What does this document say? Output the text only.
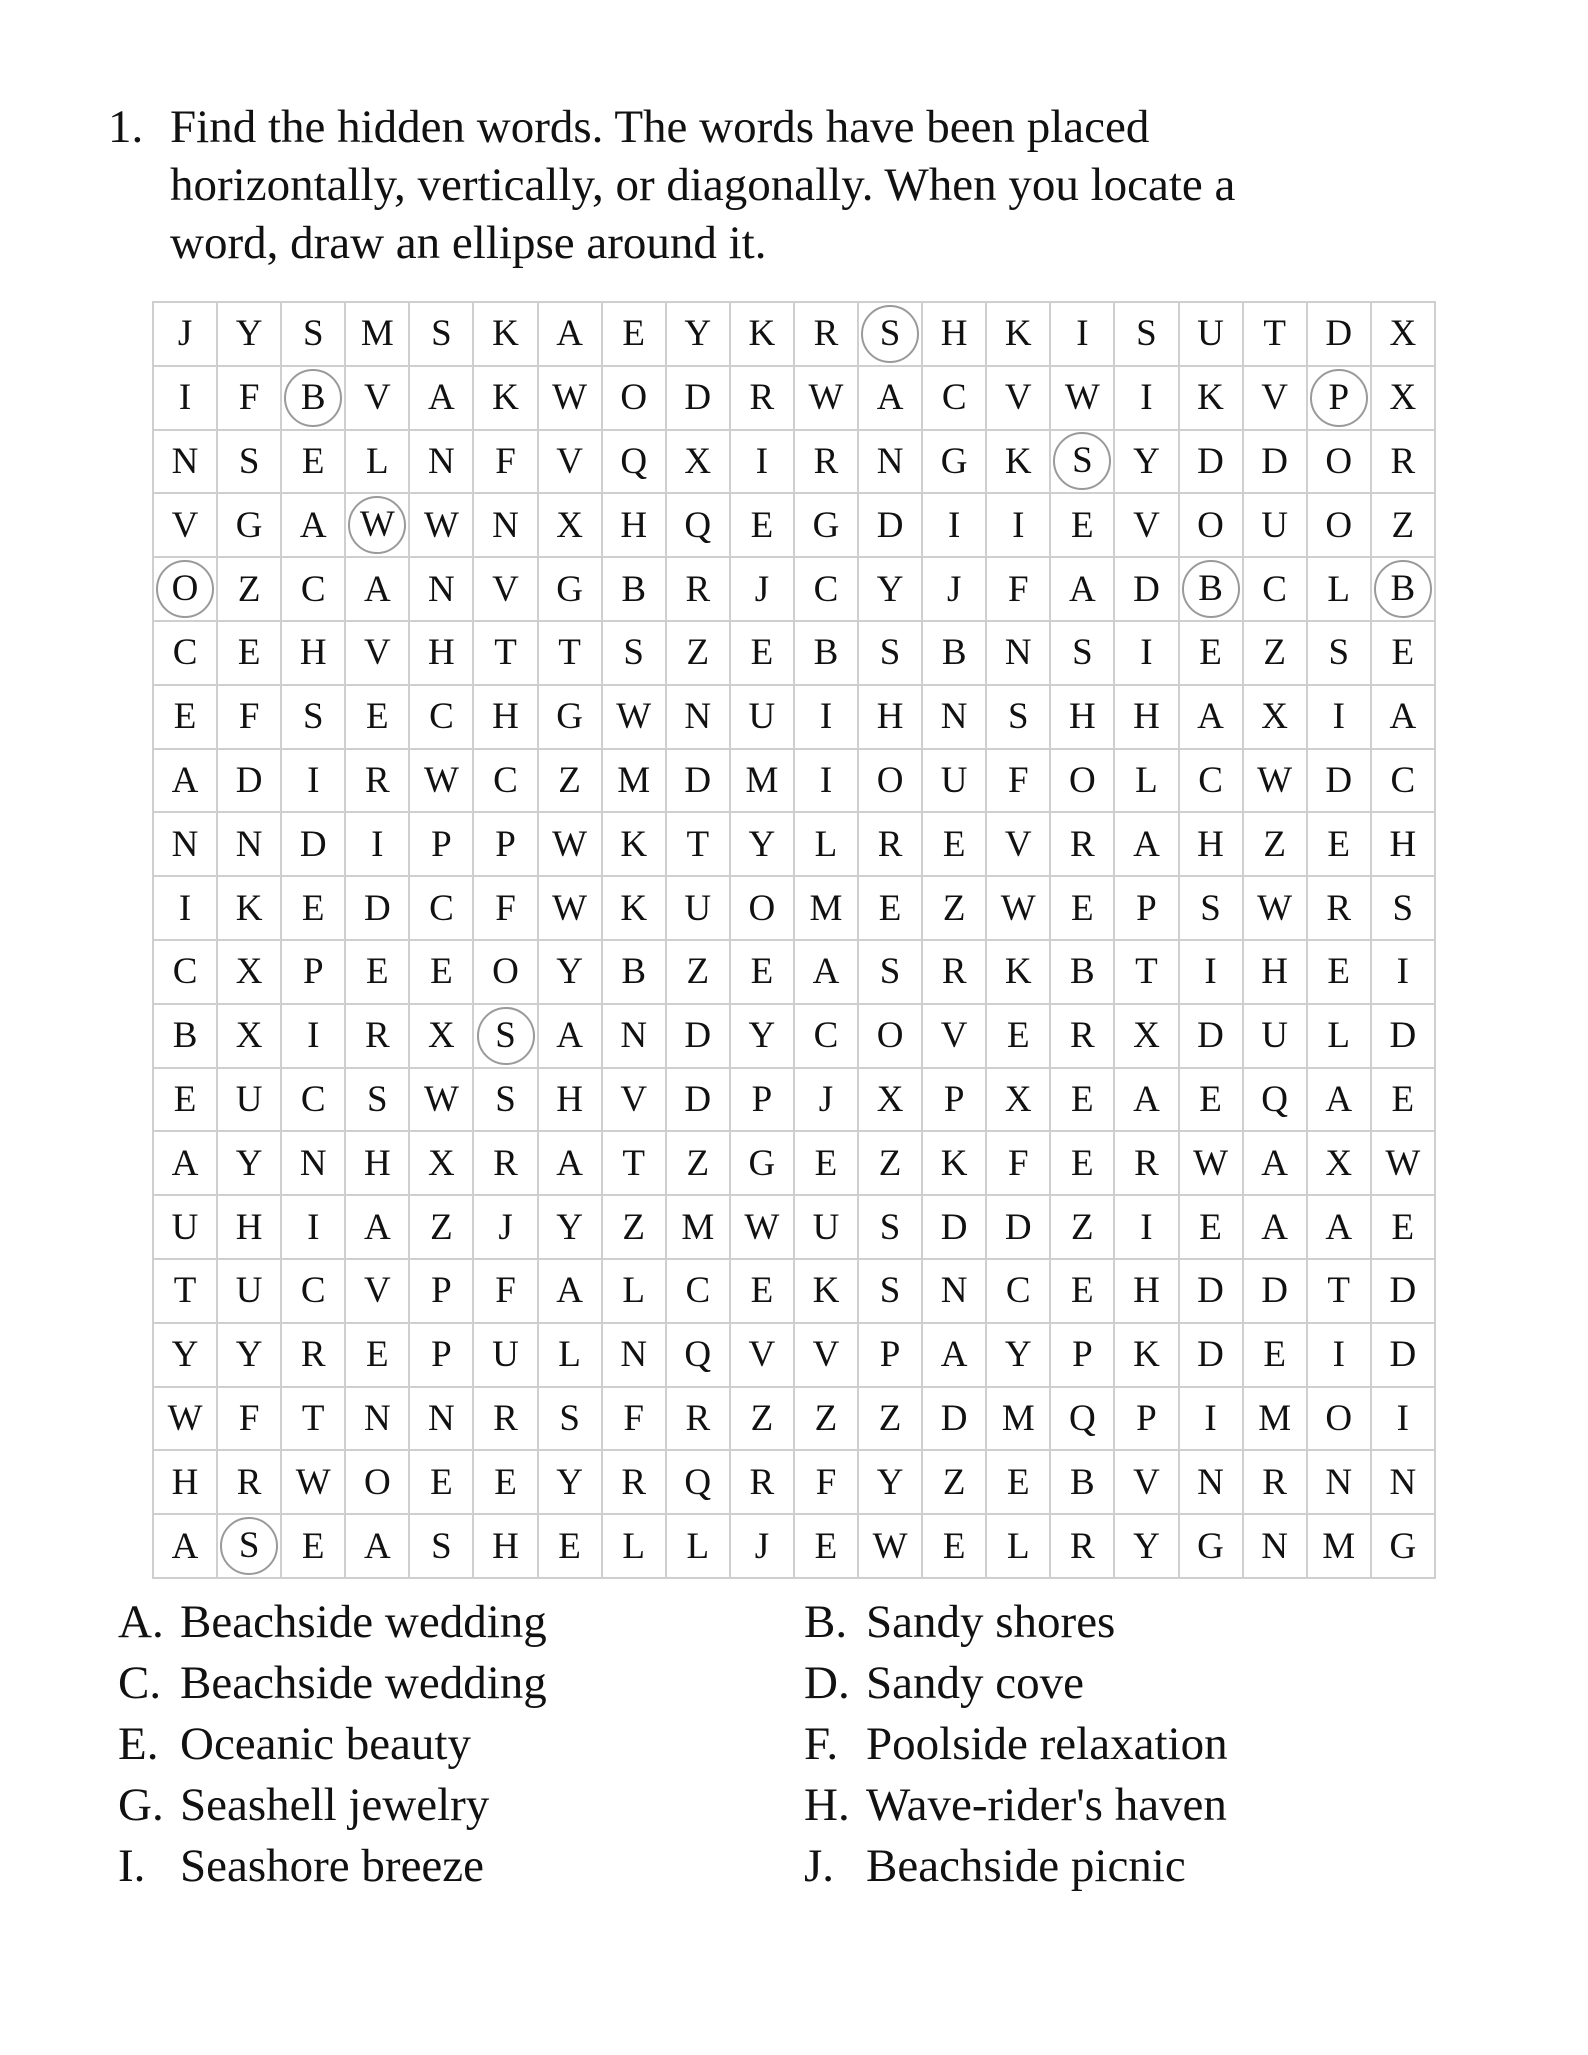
1. Find the hidden words. The words have been placed
horizontally, vertically, or diagonally. When you locate a
word, draw an ellipse around it.
J	Y	S	M	S	K	A	E	Y	K	R	S	H	K	I	S	U	T	D	X
I	F	B	V	A	K	W	O	D	R	W	A	C	V	W	I	K	V	P	X
N	S	E	L	N	F	V	Q	X	I	R	N	G	K	S	Y	D	D	O	R
V	G	A	W	W	N	X	H	Q	E	G	D	I	I	E	V	O	U	O	Z
O	Z	C	A	N	V	G	B	R	J	C	Y	J	F	A	D	B	C	L	B
C	E	H	V	H	T	T	S	Z	E	B	S	B	N	S	I	E	Z	S	E
E	F	S	E	C	H	G	W	N	U	I	H	N	S	H	H	A	X	I	A
A	D	I	R	W	C	Z	M	D	M	I	O	U	F	O	L	C	W	D	C
N	N	D	I	P	P	W	K	T	Y	L	R	E	V	R	A	H	Z	E	H
I	K	E	D	C	F	W	K	U	O	M	E	Z	W	E	P	S	W	R	S
C	X	P	E	E	O	Y	B	Z	E	A	S	R	K	B	T	I	H	E	I
B	X	I	R	X	S	A	N	D	Y	C	O	V	E	R	X	D	U	L	D
E	U	C	S	W	S	H	V	D	P	J	X	P	X	E	A	E	Q	A	E
A	Y	N	H	X	R	A	T	Z	G	E	Z	K	F	E	R	W	A	X	W
U	H	I	A	Z	J	Y	Z	M	W	U	S	D	D	Z	I	E	A	A	E
T	U	C	V	P	F	A	L	C	E	K	S	N	C	E	H	D	D	T	D
Y	Y	R	E	P	U	L	N	Q	V	V	P	A	Y	P	K	D	E	I	D
W	F	T	N	N	R	S	F	R	Z	Z	Z	D	M	Q	P	I	M	O	I
H	R	W	O	E	E	Y	R	Q	R	F	Y	Z	E	B	V	N	R	N	N
A	S	E	A	S	H	E	L	L	J	E	W	E	L	R	Y	G	N	M	G
A. Beachside wedding
C. Beachside wedding
E. Oceanic beauty
G. Seashell jewelry
I. Seashore breeze
B. Sandy shores
D. Sandy cove
F. Poolside relaxation
H. Wave-rider's haven
J. Beachside picnic
